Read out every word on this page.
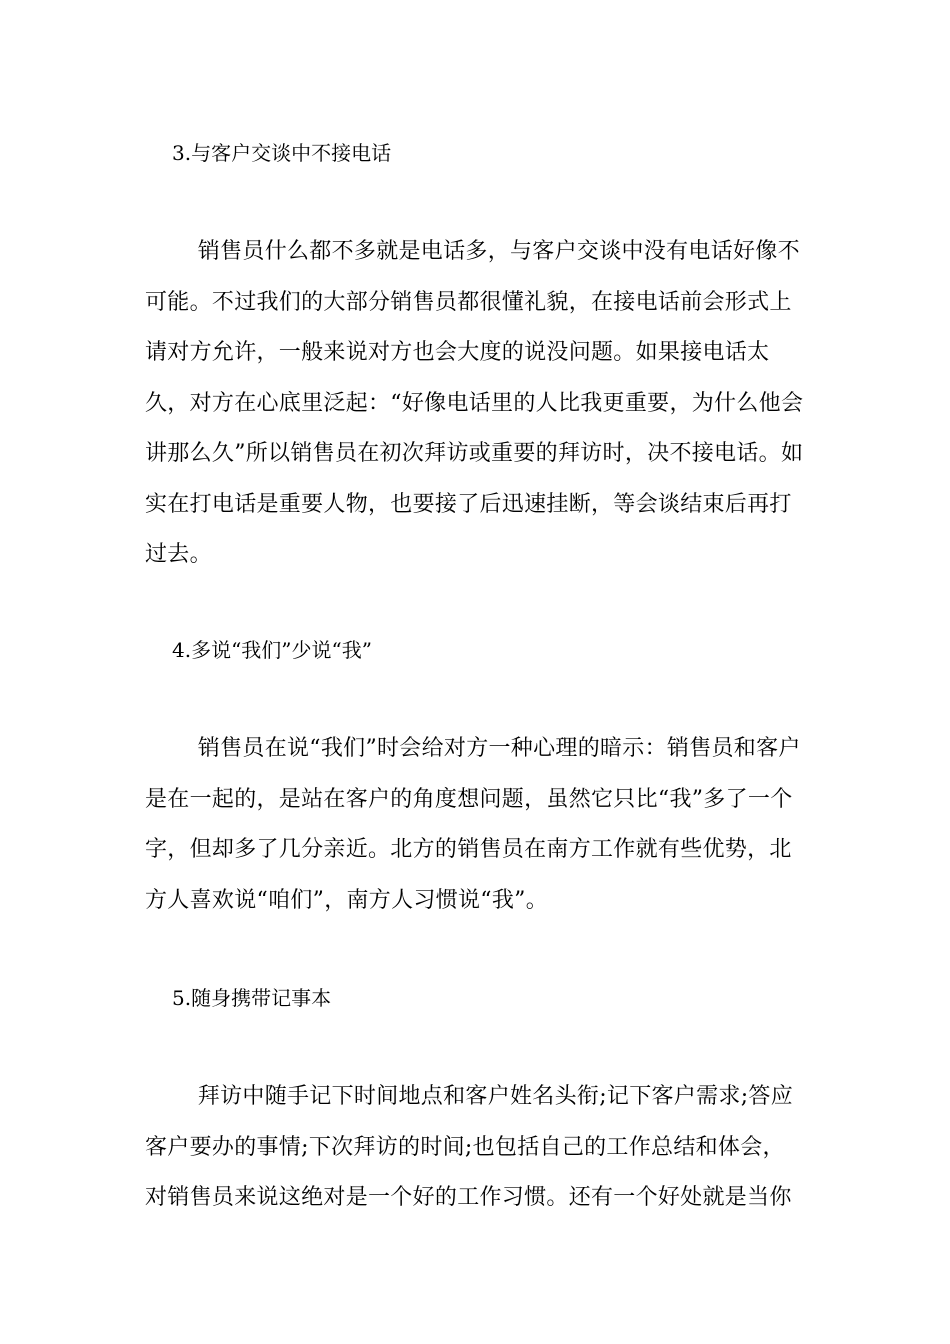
3.与客户交谈中不接电话

销售员什么都不多就是电话多，与客户交谈中没有电话好像不可能。不过我们的大部分销售员都很懂礼貌，在接电话前会形式上请对方允许，一般来说对方也会大度的说没问题。如果接电话太久，对方在心底里泛起：“好像电话里的人比我更重要，为什么他会讲那么久”所以销售员在初次拜访或重要的拜访时，决不接电话。如实在打电话是重要人物，也要接了后迅速挂断，等会谈结束后再打过去。

4.多说“我们”少说“我”

销售员在说“我们”时会给对方一种心理的暗示：销售员和客户是在一起的，是站在客户的角度想问题，虽然它只比“我”多了一个字，但却多了几分亲近。北方的销售员在南方工作就有些优势，北方人喜欢说“咱们”，南方人习惯说“我”。

5.随身携带记事本

拜访中随手记下时间地点和客户姓名头衔;记下客户需求;答应客户要办的事情;下次拜访的时间;也包括自己的工作总结和体会，对销售员来说这绝对是一个好的工作习惯。还有一个好处就是当你
